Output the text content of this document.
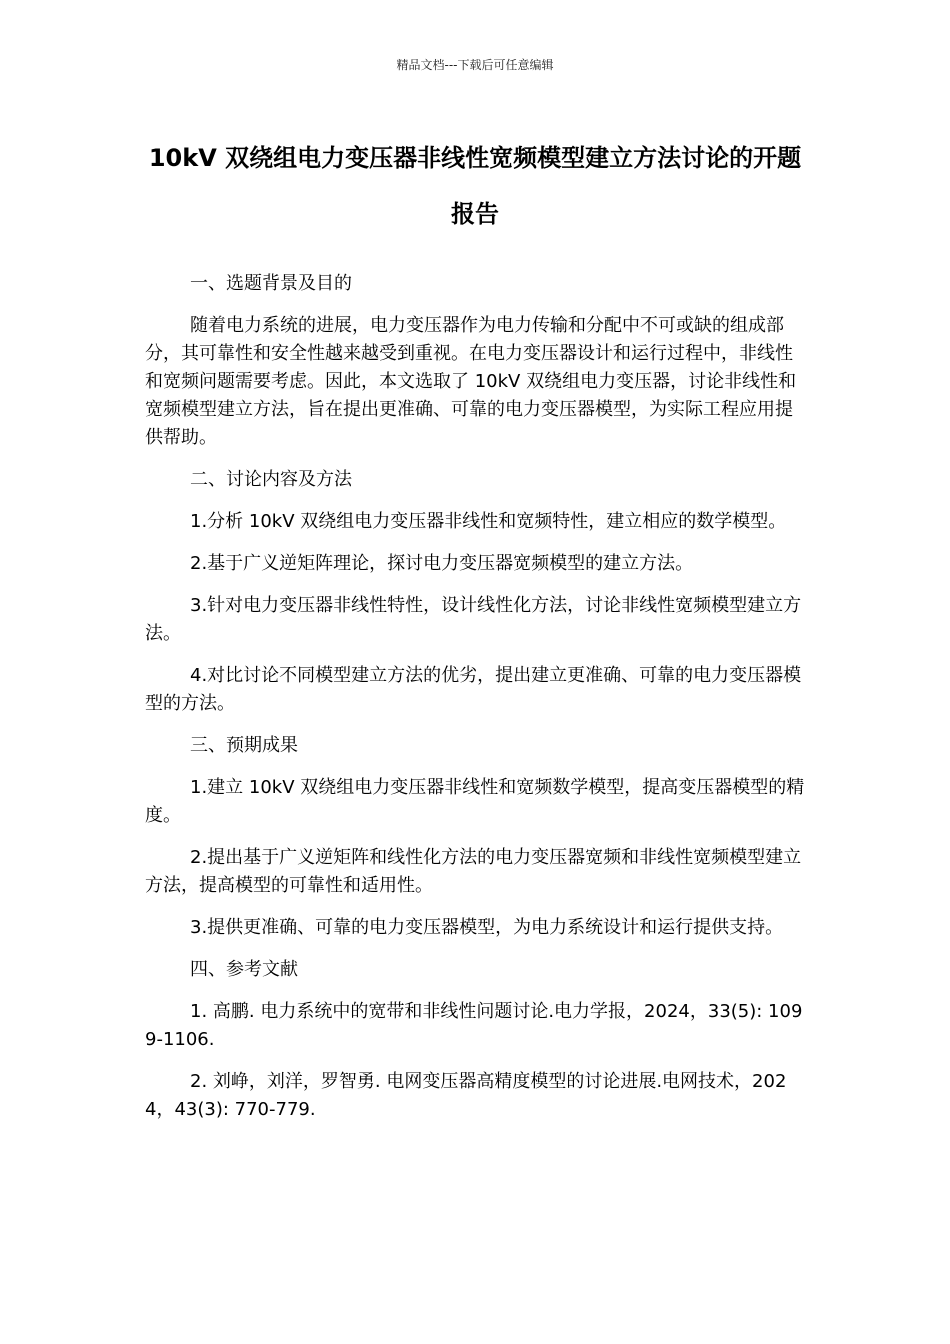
精品文档---下载后可任意编辑
10kV 双绕组电力变压器非线性宽频模型建立方法讨论的开题报告

一、选题背景及目的

随着电力系统的进展，电力变压器作为电力传输和分配中不可或缺的组成部分，其可靠性和安全性越来越受到重视。在电力变压器设计和运行过程中，非线性和宽频问题需要考虑。因此，本文选取了 10kV 双绕组电力变压器，讨论非线性和宽频模型建立方法，旨在提出更准确、可靠的电力变压器模型，为实际工程应用提供帮助。

二、讨论内容及方法

1.分析 10kV 双绕组电力变压器非线性和宽频特性，建立相应的数学模型。

2.基于广义逆矩阵理论，探讨电力变压器宽频模型的建立方法。

3.针对电力变压器非线性特性，设计线性化方法，讨论非线性宽频模型建立方法。

4.对比讨论不同模型建立方法的优劣，提出建立更准确、可靠的电力变压器模型的方法。

三、预期成果

1.建立 10kV 双绕组电力变压器非线性和宽频数学模型，提高变压器模型的精度。

2.提出基于广义逆矩阵和线性化方法的电力变压器宽频和非线性宽频模型建立方法，提高模型的可靠性和适用性。

3.提供更准确、可靠的电力变压器模型，为电力系统设计和运行提供支持。

四、参考文献

1. 高鹏. 电力系统中的宽带和非线性问题讨论.电力学报，2024，33(5): 1099-1106.

2. 刘峥，刘洋，罗智勇. 电网变压器高精度模型的讨论进展.电网技术，2024，43(3): 770-779.
